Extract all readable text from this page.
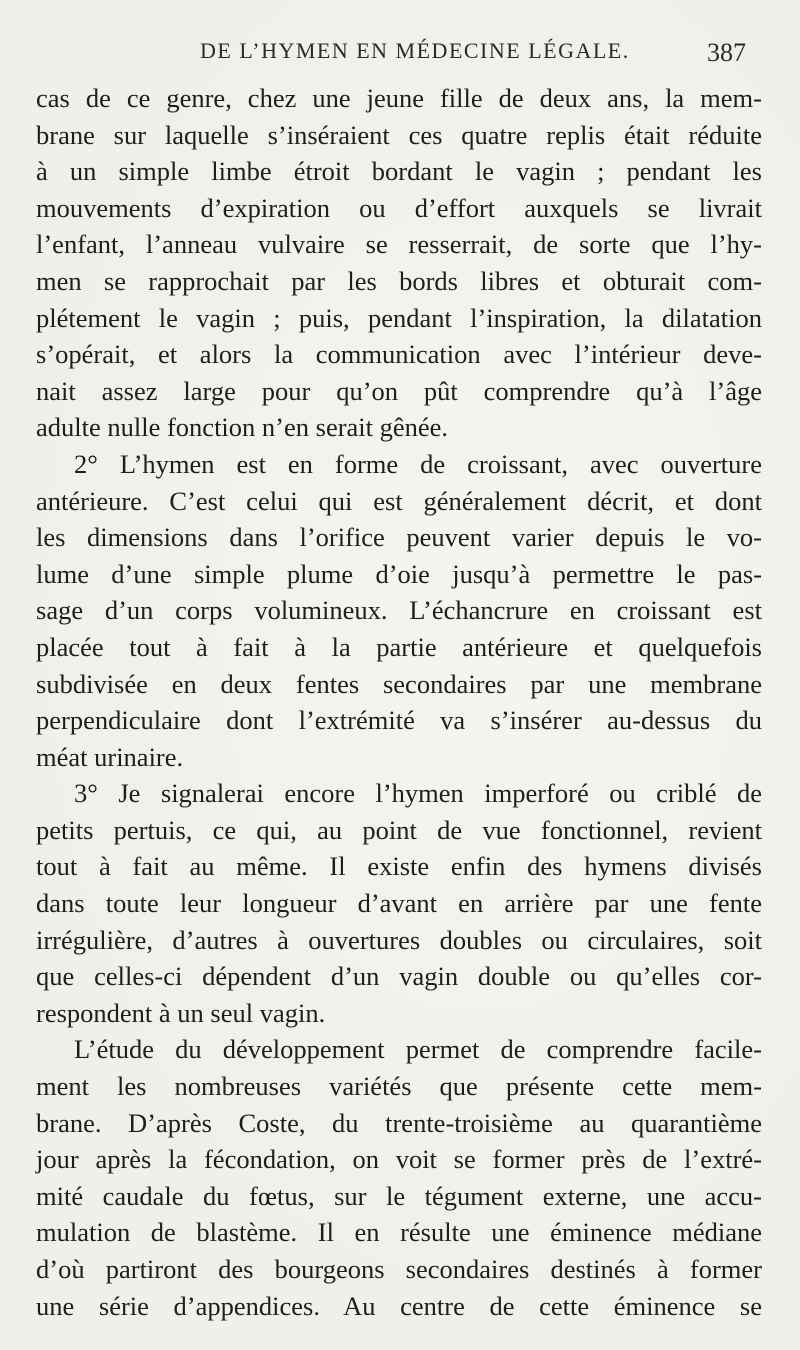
DE L’HYMEN EN MÉDECINE LÉGALE.	387

cas de ce genre, chez une jeune fille de deux ans, la mem-
brane sur laquelle s’inséraient ces quatre replis était réduite
à un simple limbe étroit bordant le vagin ; pendant les
mouvements d’expiration ou d’effort auxquels se livrait
l’enfant, l’anneau vulvaire se resserrait, de sorte que l’hy-
men se rapprochait par les bords libres et obturait com-
plétement le vagin ; puis, pendant l’inspiration, la dilatation
s’opérait, et alors la communication avec l’intérieur deve-
nait assez large pour qu’on pût comprendre qu’à l’âge
adulte nulle fonction n’en serait gênée.

2° L’hymen est en forme de croissant, avec ouverture
antérieure. C’est celui qui est généralement décrit, et dont
les dimensions dans l’orifice peuvent varier depuis le vo-
lume d’une simple plume d’oie jusqu’à permettre le pas-
sage d’un corps volumineux. L’échancrure en croissant est
placée tout à fait à la partie antérieure et quelquefois
subdivisée en deux fentes secondaires par une membrane
perpendiculaire dont l’extrémité va s’insérer au-dessus du
méat urinaire.

3° Je signalerai encore l’hymen imperforé ou criblé de
petits pertuis, ce qui, au point de vue fonctionnel, revient
tout à fait au même. Il existe enfin des hymens divisés
dans toute leur longueur d’avant en arrière par une fente
irrégulière, d’autres à ouvertures doubles ou circulaires, soit
que celles-ci dépendent d’un vagin double ou qu’elles cor-
respondent à un seul vagin.

L’étude du développement permet de comprendre facile-
ment les nombreuses variétés que présente cette mem-
brane. D’après Coste, du trente-troisième au quarantième
jour après la fécondation, on voit se former près de l’extré-
mité caudale du fœtus, sur le tégument externe, une accu-
mulation de blastème. Il en résulte une éminence médiane
d’où partiront des bourgeons secondaires destinés à former
une série d’appendices. Au centre de cette éminence se
